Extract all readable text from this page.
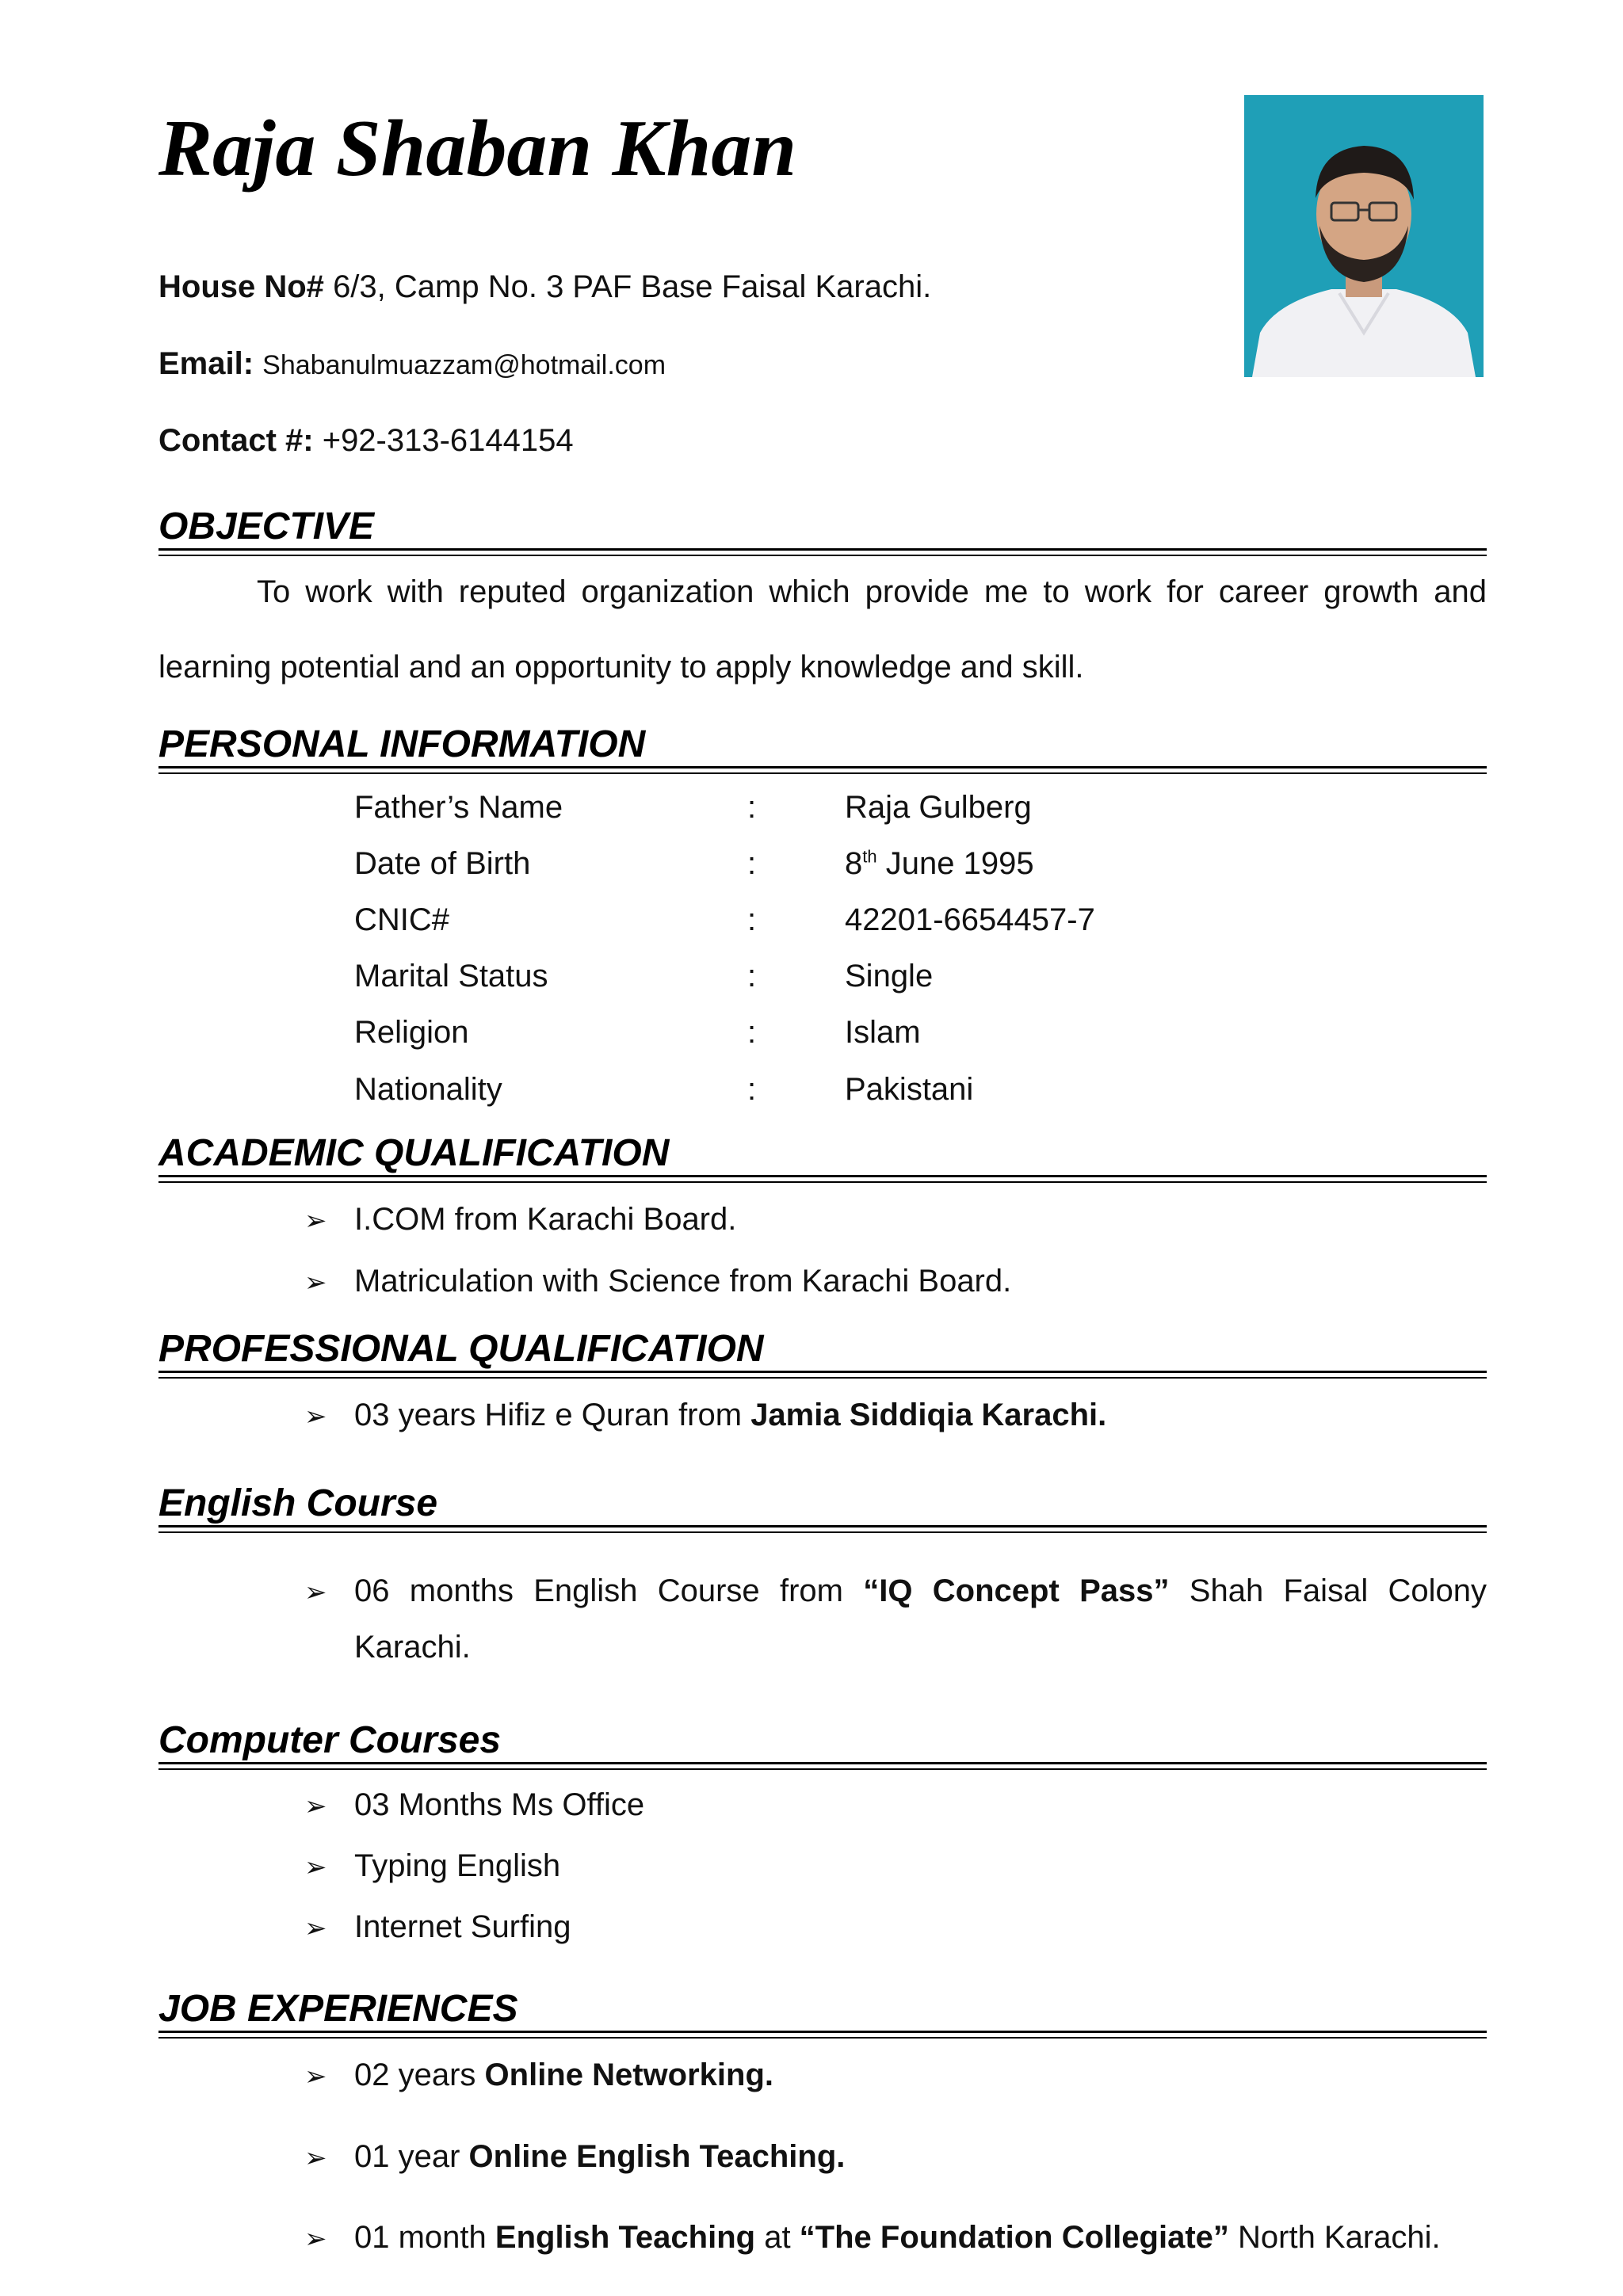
Raja Shaban Khan
House No# 6/3, Camp No. 3 PAF Base Faisal Karachi.
Email: Shabanulmuazzam@hotmail.com
Contact #: +92-313-6144154
OBJECTIVE
To work with reputed organization which provide me to work for career growth and learning potential and an opportunity to apply knowledge and skill.
PERSONAL INFORMATION
Father’s Name	:	Raja Gulberg
Date of Birth	:	8th June 1995
CNIC#	:	42201-6654457-7
Marital Status	:	Single
Religion	:	Islam
Nationality	:	Pakistani
ACADEMIC QUALIFICATION
➢ I.COM from Karachi Board.
➢ Matriculation with Science from Karachi Board.
PROFESSIONAL QUALIFICATION
➢ 03 years Hifiz e Quran from Jamia Siddiqia Karachi.
English Course
➢ 06 months English Course from “IQ Concept Pass” Shah Faisal Colony Karachi.
Computer Courses
➢ 03 Months Ms Office
➢ Typing English
➢ Internet Surfing
JOB EXPERIENCES
➢ 02 years Online Networking.
➢ 01 year Online English Teaching.
➢ 01 month English Teaching at “The Foundation Collegiate” North Karachi.
